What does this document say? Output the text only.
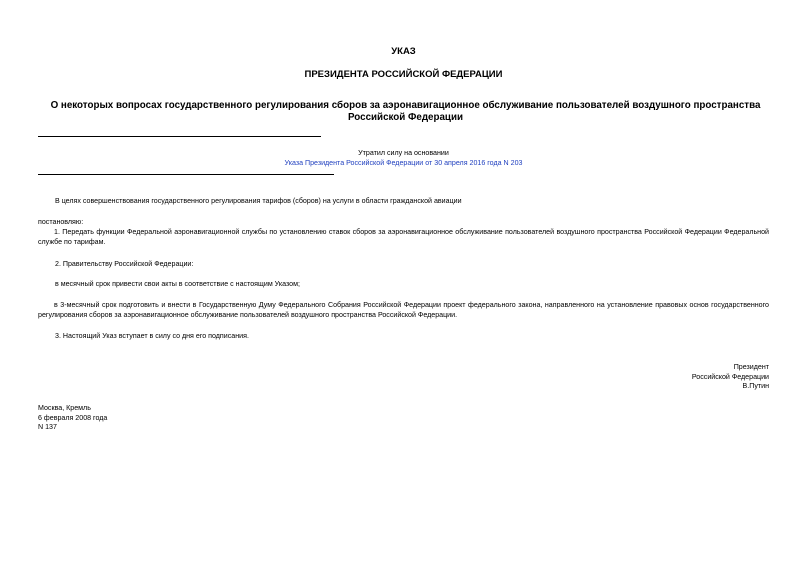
УКАЗ

ПРЕЗИДЕНТА РОССИЙСКОЙ ФЕДЕРАЦИИ

О некоторых вопросах государственного регулирования сборов за аэронавигационное обслуживание пользователей воздушного пространства Российской Федерации

Утратил силу на основании

Указа Президента Российской Федерации от 30 апреля 2016 года N 203

В целях совершенствования государственного регулирования тарифов (сборов) на услуги в области гражданской авиации

постановляю:

1. Передать функции Федеральной аэронавигационной службы по установлению ставок сборов за аэронавигационное обслуживание пользователей воздушного пространства Российской Федерации Федеральной службе по тарифам.

2. Правительству Российской Федерации:

в месячный срок привести свои акты в соответствие с настоящим Указом;

в 3-месячный срок подготовить и внести в Государственную Думу Федерального Собрания Российской Федерации проект федерального закона, направленного на установление правовых основ государственного регулирования сборов за аэронавигационное обслуживание пользователей воздушного пространства Российской Федерации.

3. Настоящий Указ вступает в силу со дня его подписания.

Президент
Российской Федерации
В.Путин
Москва, Кремль
6 февраля 2008 года
N 137
